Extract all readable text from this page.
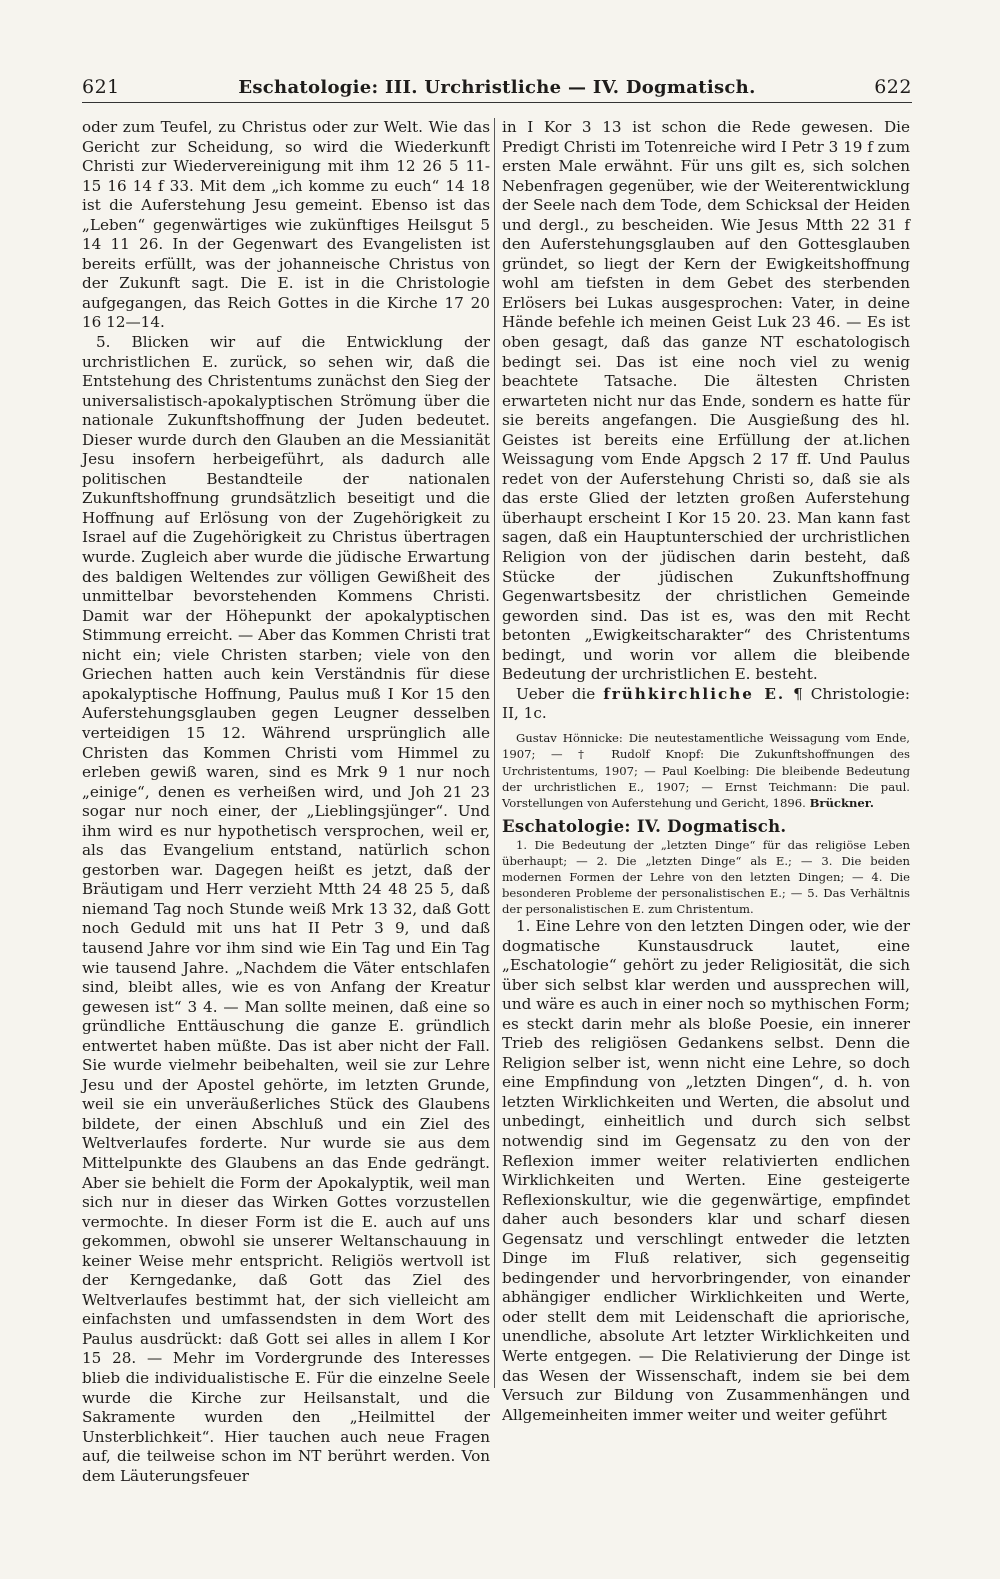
621	Eschatologie: III. Urchristliche — IV. Dogmatisch.	622

oder zum Teufel, zu Christus oder zur Welt. Wie das Gericht zur Scheidung, so wird die Wiederkunft Christi zur Wiedervereinigung mit ihm 12 26 5 11- 15 16 14 f 33. Mit dem „ich komme zu euch“ 14 18 ist die Auferstehung Jesu gemeint. Ebenso ist das „Leben“ gegenwärtiges wie zukünftiges Heilsgut 5 14 11 26. In der Gegenwart des Evangelisten ist bereits erfüllt, was der johanneische Christus von der Zukunft sagt. Die E. ist in die Christologie aufgegangen, das Reich Gottes in die Kirche 17 20 16 12—14.

5. Blicken wir auf die Entwicklung der urchristlichen E. zurück, so sehen wir, daß die Entstehung des Christentums zunächst den Sieg der universalistisch-apokalyptischen Strömung über die nationale Zukunftshoffnung der Juden bedeutet. Dieser wurde durch den Glauben an die Messianität Jesu insofern herbeigeführt, als dadurch alle politischen Bestandteile der nationalen Zukunftshoffnung grundsätzlich beseitigt und die Hoffnung auf Erlösung von der Zugehörigkeit zu Israel auf die Zugehörigkeit zu Christus übertragen wurde. Zugleich aber wurde die jüdische Erwartung des baldigen Weltendes zur völligen Gewißheit des unmittelbar bevorstehenden Kommens Christi. Damit war der Höhepunkt der apokalyptischen Stimmung erreicht. — Aber das Kommen Christi trat nicht ein; viele Christen starben; viele von den Griechen hatten auch kein Verständnis für diese apokalyptische Hoffnung, Paulus muß I Kor 15 den Auferstehungsglauben gegen Leugner desselben verteidigen 15 12. Während ursprünglich alle Christen das Kommen Christi vom Himmel zu erleben gewiß waren, sind es Mrk 9 1 nur noch „einige“, denen es verheißen wird, und Joh 21 23 sogar nur noch einer, der „Lieblingsjünger“. Und ihm wird es nur hypothetisch versprochen, weil er, als das Evangelium entstand, natürlich schon gestorben war. Dagegen heißt es jetzt, daß der Bräutigam und Herr verzieht Mtth 24 48 25 5, daß niemand Tag noch Stunde weiß Mrk 13 32, daß Gott noch Geduld mit uns hat II Petr 3 9, und daß tausend Jahre vor ihm sind wie Ein Tag und Ein Tag wie tausend Jahre. „Nachdem die Väter entschlafen sind, bleibt alles, wie es von Anfang der Kreatur gewesen ist“ 3 4. — Man sollte meinen, daß eine so gründliche Enttäuschung die ganze E. gründlich entwertet haben müßte. Das ist aber nicht der Fall. Sie wurde vielmehr beibehalten, weil sie zur Lehre Jesu und der Apostel gehörte, im letzten Grunde, weil sie ein unveräußerliches Stück des Glaubens bildete, der einen Abschluß und ein Ziel des Weltverlaufes forderte. Nur wurde sie aus dem Mittelpunkte des Glaubens an das Ende gedrängt. Aber sie behielt die Form der Apokalyptik, weil man sich nur in dieser das Wirken Gottes vorzustellen vermochte. In dieser Form ist die E. auch auf uns gekommen, obwohl sie unserer Weltanschauung in keiner Weise mehr entspricht. Religiös wertvoll ist der Kerngedanke, daß Gott das Ziel des Weltverlaufes bestimmt hat, der sich vielleicht am einfachsten und umfassendsten in dem Wort des Paulus ausdrückt: daß Gott sei alles in allem I Kor 15 28. — Mehr im Vordergrunde des Interesses blieb die individualistische E. Für die einzelne Seele wurde die Kirche zur Heilsanstalt, und die Sakramente wurden den „Heilmittel der Unsterblichkeit“. Hier tauchen auch neue Fragen auf, die teilweise schon im NT berührt werden. Von dem Läuterungsfeuer

in I Kor 3 13 ist schon die Rede gewesen. Die Predigt Christi im Totenreiche wird I Petr 3 19 f zum ersten Male erwähnt. Für uns gilt es, sich solchen Nebenfragen gegenüber, wie der Weiterentwicklung der Seele nach dem Tode, dem Schicksal der Heiden und dergl., zu bescheiden. Wie Jesus Mtth 22 31 f den Auferstehungsglauben auf den Gottesglauben gründet, so liegt der Kern der Ewigkeitshoffnung wohl am tiefsten in dem Gebet des sterbenden Erlösers bei Lukas ausgesprochen: Vater, in deine Hände befehle ich meinen Geist Luk 23 46. — Es ist oben gesagt, daß das ganze NT eschatologisch bedingt sei. Das ist eine noch viel zu wenig beachtete Tatsache. Die ältesten Christen erwarteten nicht nur das Ende, sondern es hatte für sie bereits angefangen. Die Ausgießung des hl. Geistes ist bereits eine Erfüllung der at.lichen Weissagung vom Ende Apgsch 2 17 ff. Und Paulus redet von der Auferstehung Christi so, daß sie als das erste Glied der letzten großen Auferstehung überhaupt erscheint I Kor 15 20. 23. Man kann fast sagen, daß ein Hauptunterschied der urchristlichen Religion von der jüdischen darin besteht, daß Stücke der jüdischen Zukunftshoffnung Gegenwartsbesitz der christlichen Gemeinde geworden sind. Das ist es, was den mit Recht betonten „Ewigkeitscharakter“ des Christentums bedingt, und worin vor allem die bleibende Bedeutung der urchristlichen E. besteht.

Ueber die frühkirchliche E. ¶ Christologie: II, 1c.

Gustav Hönnicke: Die neutestamentliche Weissagung vom Ende, 1907; — † Rudolf Knopf: Die Zukunftshoffnungen des Urchristentums, 1907; — Paul Koelbing: Die bleibende Bedeutung der urchristlichen E., 1907; — Ernst Teichmann: Die paul. Vorstellungen von Auferstehung und Gericht, 1896. Brückner.

Eschatologie: IV. Dogmatisch.

1. Die Bedeutung der „letzten Dinge“ für das religiöse Leben überhaupt; — 2. Die „letzten Dinge“ als E.; — 3. Die beiden modernen Formen der Lehre von den letzten Dingen; — 4. Die besonderen Probleme der personalistischen E.; — 5. Das Verhältnis der personalistischen E. zum Christentum.

1. Eine Lehre von den letzten Dingen oder, wie der dogmatische Kunstausdruck lautet, eine „Eschatologie“ gehört zu jeder Religiosität, die sich über sich selbst klar werden und aussprechen will, und wäre es auch in einer noch so mythischen Form; es steckt darin mehr als bloße Poesie, ein innerer Trieb des religiösen Gedankens selbst. Denn die Religion selber ist, wenn nicht eine Lehre, so doch eine Empfindung von „letzten Dingen“, d. h. von letzten Wirklichkeiten und Werten, die absolut und unbedingt, einheitlich und durch sich selbst notwendig sind im Gegensatz zu den von der Reflexion immer weiter relativierten endlichen Wirklichkeiten und Werten. Eine gesteigerte Reflexionskultur, wie die gegenwärtige, empfindet daher auch besonders klar und scharf diesen Gegensatz und verschlingt entweder die letzten Dinge im Fluß relativer, sich gegenseitig bedingender und hervorbringender, von einander abhängiger endlicher Wirklichkeiten und Werte, oder stellt dem mit Leidenschaft die apriorische, unendliche, absolute Art letzter Wirklichkeiten und Werte entgegen. — Die Relativierung der Dinge ist das Wesen der Wissenschaft, indem sie bei dem Versuch zur Bildung von Zusammenhängen und Allgemeinheiten immer weiter und weiter geführt
